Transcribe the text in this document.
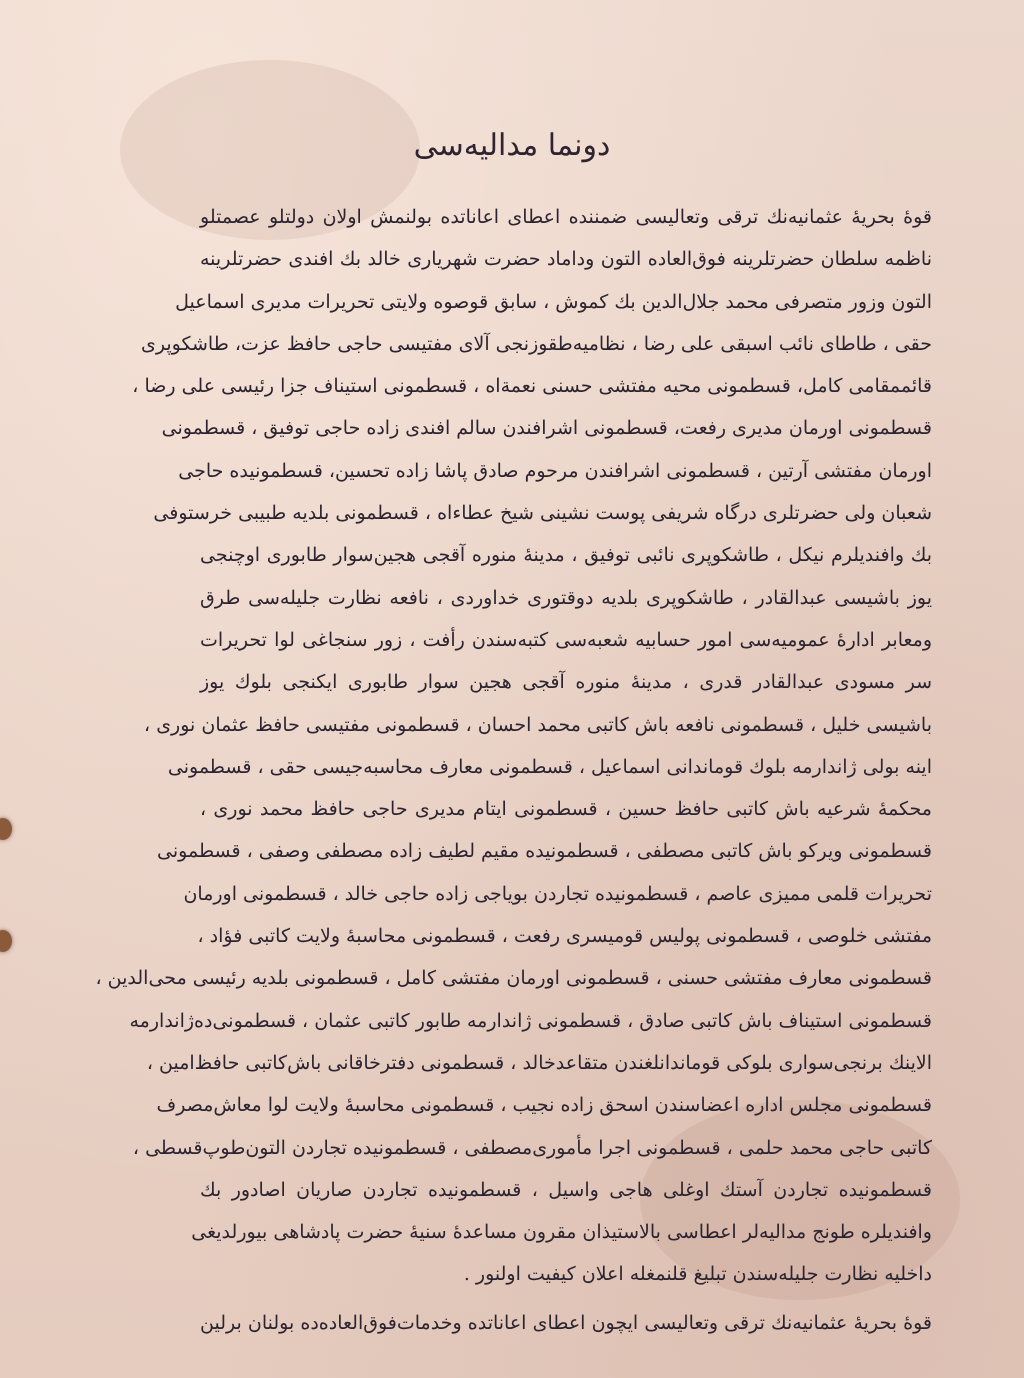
دونما مدالیه‌سی
قوهٔ بحریهٔ عثمانیه‌نك ترقی وتعالیسی ضمننده اعطای اعاناتده بولنمش اولان دولتلو عصمتلو
ناظمه سلطان حضرتلرینه فوق‌العاده التون وداماد حضرت شهریاری خالد بك افندی حضرتلرینه
التون وزور متصرفی محمد جلال‌الدین بك كموش ، سابق قوصوه ولایتی تحریرات مدیری اسماعیل
حقی ، طاطای نائب اسبقی علی رضا ، نظامیه‌طقوزنجی آلای مفتیسی حاجی حافظ عزت، طاشكوپری
قائممقامی كامل، قسطمونی محیه مفتشی حسنی نعمة‌اه ، قسطمونی استیناف جزا رئیسی علی رضا ،
قسطمونی اورمان مدیری رفعت، قسطمونی اشرافندن سالم افندی زاده حاجی توفیق ، قسطمونی
اورمان مفتشی آرتین ، قسطمونی اشرافندن مرحوم صادق پاشا زاده تحسین، قسطمونیده حاجی
شعبان ولی حضرتلری درگاه شریفی پوست نشینی شیخ عطاءاه ، قسطمونی بلدیه طبیبی خرستوفی
بك وافندیلرم نیكل ، طاشكوپری نائبی توفیق ، مدینهٔ منوره آقجی هجین‌سوار طابوری اوچنجی
یوز باشیسی عبدالقادر ، طاشكوپری بلدیه دوقتوری خداوردی ، نافعه نظارت جلیله‌سی طرق
ومعابر ادارهٔ عمومیه‌سی امور حسابیه شعبه‌سی كتبه‌سندن رأفت ، زور سنجاغی لوا تحریرات
سر مسودی عبدالقادر قدری ، مدینهٔ منوره آقجی هجین سوار طابوری ایكنجی بلوك یوز
باشیسی خلیل ، قسطمونی نافعه باش كاتبی محمد احسان ، قسطمونی مفتیسی حافظ عثمان نوری ،
اینه بولی ژاندارمه بلوك قوماندانی اسماعیل ، قسطمونی معارف محاسبه‌جیسی حقی ، قسطمونی
محكمهٔ شرعیه باش كاتبی حافظ حسین ، قسطمونی ایتام مدیری حاجی حافظ محمد نوری ،
قسطمونی ویركو باش كاتبی مصطفی ، قسطمونیده مقیم لطیف زاده مصطفی وصفی ، قسطمونی
تحریرات قلمی ممیزی عاصم ، قسطمونیده تجاردن بویاجی زاده حاجی خالد ، قسطمونی اورمان
مفتشی خلوصی ، قسطمونی پولیس قومیسری رفعت ، قسطمونی محاسبهٔ ولایت كاتبی فؤاد ،
قسطمونی معارف مفتشی حسنی ، قسطمونی اورمان مفتشی كامل ، قسطمونی بلدیه رئیسی محی‌الدین ،
قسطمونی استیناف باش كاتبی صادق ، قسطمونی ژاندارمه طابور كاتبی عثمان ، قسطمونی‌ده‌ژاندارمه
الاینك برنجی‌سواری بلوكی قوماندانلغندن متقاعد‌خالد ، قسطمونی دفترخاقانی باش‌كاتبی حافظ‌امین ،
قسطمونی مجلس اداره اعضاسندن اسحق زاده نجیب ، قسطمونی محاسبهٔ ولایت لوا معاش‌مصرف
كاتبی حاجی محمد حلمی ، قسطمونی اجرا مأموری‌مصطفی ، قسطمونیده تجاردن التون‌طوپ‌قسطی ،
قسطمونیده تجاردن آستك اوغلی هاجی واسیل ، قسطمونیده تجاردن صاریان اصادور بك
وافندیلره طونج مدالیه‌لر اعطاسی بالاستیذان مقرون مساعدهٔ سنیهٔ حضرت پادشاهی بیورلدیغی
داخلیه نظارت جلیله‌سندن تبلیغ قلنمغله اعلان كیفیت اولنور .
قوهٔ بحریهٔ عثمانیه‌نك ترقی وتعالیسی ایچون اعطای اعاناتده وخدمات‌فوق‌العاده‌ده بولنان برلین
